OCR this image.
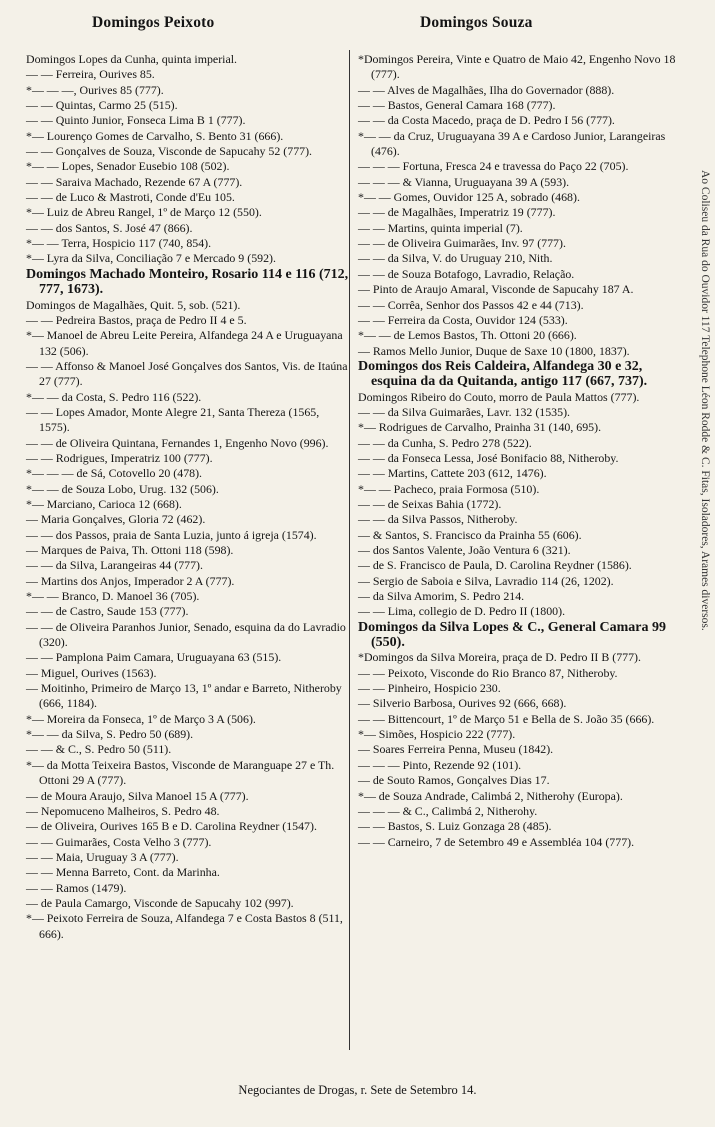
Domingos Peixoto	Domingos Souza

Domingos Lopes da Cunha, quinta imperial.

— — Ferreira, Ourives 85.

*— — —, Ourives 85 (777).

— — Quintas, Carmo 25 (515).

— — Quinto Junior, Fonseca Lima B 1 (777).

*— Lourenço Gomes de Carvalho, S. Bento 31 (666).

— — Gonçalves de Souza, Visconde de Sapucahy 52 (777).

*— — Lopes, Senador Eusebio 108 (502).

— — Saraiva Machado, Rezende 67 A (777).

— — de Luco & Mastroti, Conde d'Eu 105.

*— Luiz de Abreu Rangel, 1º de Março 12 (550).

— — dos Santos, S. José 47 (866).

*— — Terra, Hospicio 117 (740, 854).

*— Lyra da Silva, Conciliação 7 e Mercado 9 (592).

Domingos Machado Monteiro, Rosario 114 e 116 (712, 777, 1673).

Domingos de Magalhães, Quit. 5, sob. (521).

— — Pedreira Bastos, praça de Pedro II 4 e 5.

*— Manoel de Abreu Leite Pereira, Alfandega 24 A e Uruguayana 132 (506).

— — Affonso & Manoel José Gonçalves dos Santos, Vis. de Itaúna 27 (777).

*— — da Costa, S. Pedro 116 (522).

— — Lopes Amador, Monte Alegre 21, Santa Thereza (1565, 1575).

— — de Oliveira Quintana, Fernandes 1, Engenho Novo (996).

— — Rodrigues, Imperatriz 100 (777).

*— — — de Sá, Cotovello 20 (478).

*— — de Souza Lobo, Urug. 132 (506).

*— Marciano, Carioca 12 (668).

— Maria Gonçalves, Gloria 72 (462).

— — dos Passos, praia de Santa Luzia, junto á igreja (1574).

— Marques de Paiva, Th. Ottoni 118 (598).

— — da Silva, Larangeiras 44 (777).

— Martins dos Anjos, Imperador 2 A (777).

*— — Branco, D. Manoel 36 (705).

— — de Castro, Saude 153 (777).

— — de Oliveira Paranhos Junior, Senado, esquina da do Lavradio (320).

— — Pamplona Paim Camara, Uruguayana 63 (515).

— Miguel, Ourives (1563).

— Moitinho, Primeiro de Março 13, 1º andar e Barreto, Nitheroby (666, 1184).

*— Moreira da Fonseca, 1º de Março 3 A (506).

*— — da Silva, S. Pedro 50 (689).

— — & C., S. Pedro 50 (511).

*— da Motta Teixeira Bastos, Visconde de Maranguape 27 e Th. Ottoni 29 A (777).

— de Moura Araujo, Silva Manoel 15 A (777).

— Nepomuceno Malheiros, S. Pedro 48.

— de Oliveira, Ourives 165 B e D. Carolina Reydner (1547).

— — Guimarães, Costa Velho 3 (777).

— — Maia, Uruguay 3 A (777).

— — Menna Barreto, Cont. da Marinha.

— — Ramos (1479).

— de Paula Camargo, Visconde de Sapucahy 102 (997).

*— Peixoto Ferreira de Souza, Alfandega 7 e Costa Bastos 8 (511, 666).

*Domingos Pereira, Vinte e Quatro de Maio 42, Engenho Novo 18 (777).

— — Alves de Magalhães, Ilha do Governador (888).

— — Bastos, General Camara 168 (777).

— — da Costa Macedo, praça de D. Pedro I 56 (777).

*— — da Cruz, Uruguayana 39 A e Cardoso Junior, Larangeiras (476).

— — — Fortuna, Fresca 24 e travessa do Paço 22 (705).

— — — & Vianna, Uruguayana 39 A (593).

*— — Gomes, Ouvidor 125 A, sobrado (468).

— — de Magalhães, Imperatriz 19 (777).

— — Martins, quinta imperial (7).

— — de Oliveira Guimarães, Inv. 97 (777).

— — da Silva, V. do Uruguay 210, Nith.

— — de Souza Botafogo, Lavradio, Relação.

— Pinto de Araujo Amaral, Visconde de Sapucahy 187 A.

— — Corrêa, Senhor dos Passos 42 e 44 (713).

— — Ferreira da Costa, Ouvidor 124 (533).

*— — de Lemos Bastos, Th. Ottoni 20 (666).

— Ramos Mello Junior, Duque de Saxe 10 (1800, 1837).

Domingos dos Reis Caldeira, Alfandega 30 e 32, esquina da da Quitanda, antigo 117 (667, 737).

Domingos Ribeiro do Couto, morro de Paula Mattos (777).

— — da Silva Guimarães, Lavr. 132 (1535).

*— Rodrigues de Carvalho, Prainha 31 (140, 695).

— — da Cunha, S. Pedro 278 (522).

— — da Fonseca Lessa, José Bonifacio 88, Nitheroby.

— — Martins, Cattete 203 (612, 1476).

*— — Pacheco, praia Formosa (510).

— — de Seixas Bahia (1772).

— — da Silva Passos, Nitheroby.

— & Santos, S. Francisco da Prainha 55 (606).

— dos Santos Valente, João Ventura 6 (321).

— de S. Francisco de Paula, D. Carolina Reydner (1586).

— Sergio de Saboia e Silva, Lavradio 114 (26, 1202).

— da Silva Amorim, S. Pedro 214.

— — Lima, collegio de D. Pedro II (1800).

Domingos da Silva Lopes & C., General Camara 99 (550).

*Domingos da Silva Moreira, praça de D. Pedro II B (777).

— — Peixoto, Visconde do Rio Branco 87, Nitheroby.

— — Pinheiro, Hospicio 230.

— Silverio Barbosa, Ourives 92 (666, 668).

— — Bittencourt, 1º de Março 51 e Bella de S. João 35 (666).

*— Simões, Hospicio 222 (777).

— Soares Ferreira Penna, Museu (1842).

— — — Pinto, Rezende 92 (101).

— de Souto Ramos, Gonçalves Dias 17.

*— de Souza Andrade, Calimbá 2, Nitherohy (Europa).

— — — & C., Calimbá 2, Nitherohy.

— — Bastos, S. Luiz Gonzaga 28 (485).

— — Carneiro, 7 de Setembro 49 e Assembléa 104 (777).

Ao Coliseu da Rua do Ouvidor 117 Telephone Léon Rodde & C. Fitas, Isoladores, Arames diversos.
Negociantes de Drogas, r. Sete de Setembro 14.
